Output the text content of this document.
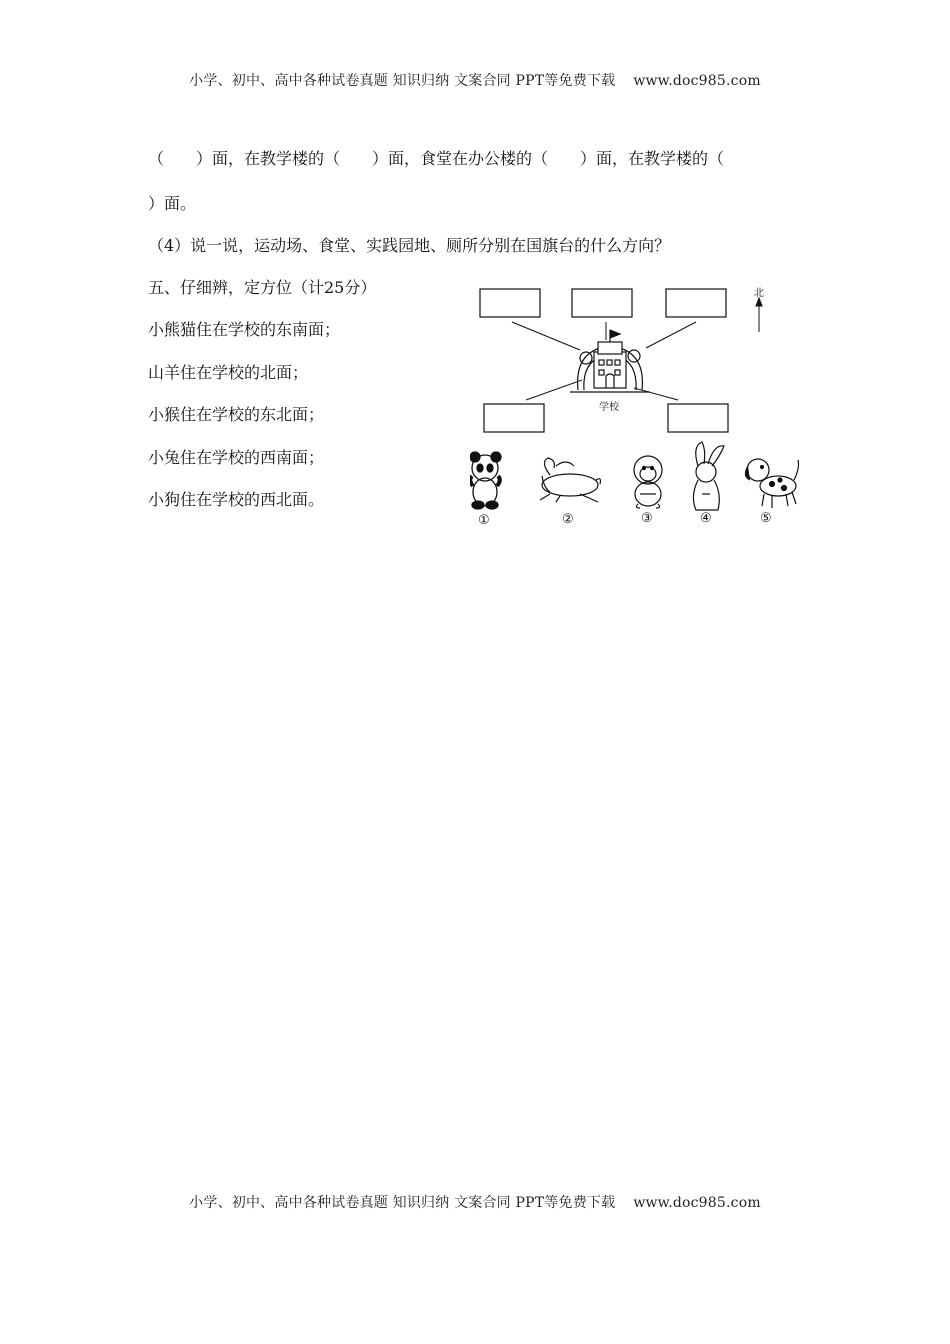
小学、初中、高中各种试卷真题 知识归纳 文案合同 PPT等免费下载 www.doc985.com
（　　）面，在教学楼的（　　）面，食堂在办公楼的（　　）面，在教学楼的（
）面。
（4）说一说，运动场、食堂、实践园地、厕所分别在国旗台的什么方向？
五、仔细辨，定方位（计25分）
小熊猫住在学校的东南面；
山羊住在学校的北面；
小猴住在学校的东北面；
小兔住在学校的西南面；
小狗住在学校的西北面。
北
学校
①	②	③	④	⑤
小学、初中、高中各种试卷真题 知识归纳 文案合同 PPT等免费下载 www.doc985.com
